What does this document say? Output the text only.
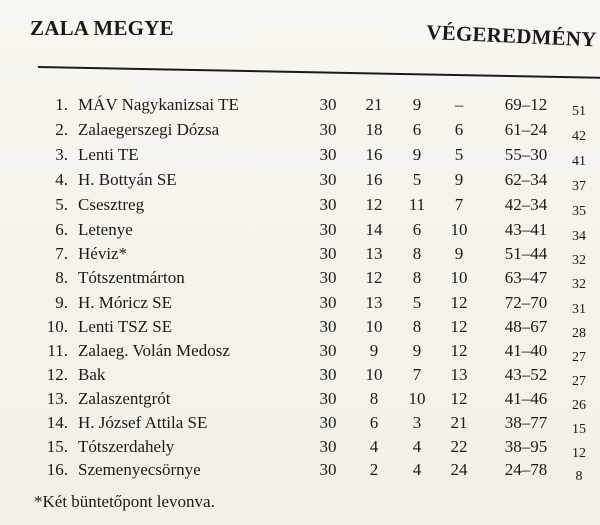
ZALA MEGYE	VÉGEREDMÉNY
1. MÁV Nagykanizsai TE	30	21	9	–	69–12	51
2. Zalaegerszegi Dózsa	30	18	6	6	61–24	42
3. Lenti TE	30	16	9	5	55–30	41
4. H. Bottyán SE	30	16	5	9	62–34	37
5. Csesztreg	30	12	11	7	42–34	35
6. Letenye	30	14	6	10	43–41	34
7. Héviz*	30	13	8	9	51–44	32
8. Tótszentmárton	30	12	8	10	63–47	32
9. H. Móricz SE	30	13	5	12	72–70	31
10. Lenti TSZ SE	30	10	8	12	48–67	28
11. Zalaeg. Volán Medosz	30	9	9	12	41–40	27
12. Bak	30	10	7	13	43–52	27
13. Zalaszentgrót	30	8	10	12	41–46	26
14. H. József Attila SE	30	6	3	21	38–77	15
15. Tótszerdahely	30	4	4	22	38–95	12
16. Szemenyecsörnye	30	2	4	24	24–78	8
*Két büntetőpont levonva.
